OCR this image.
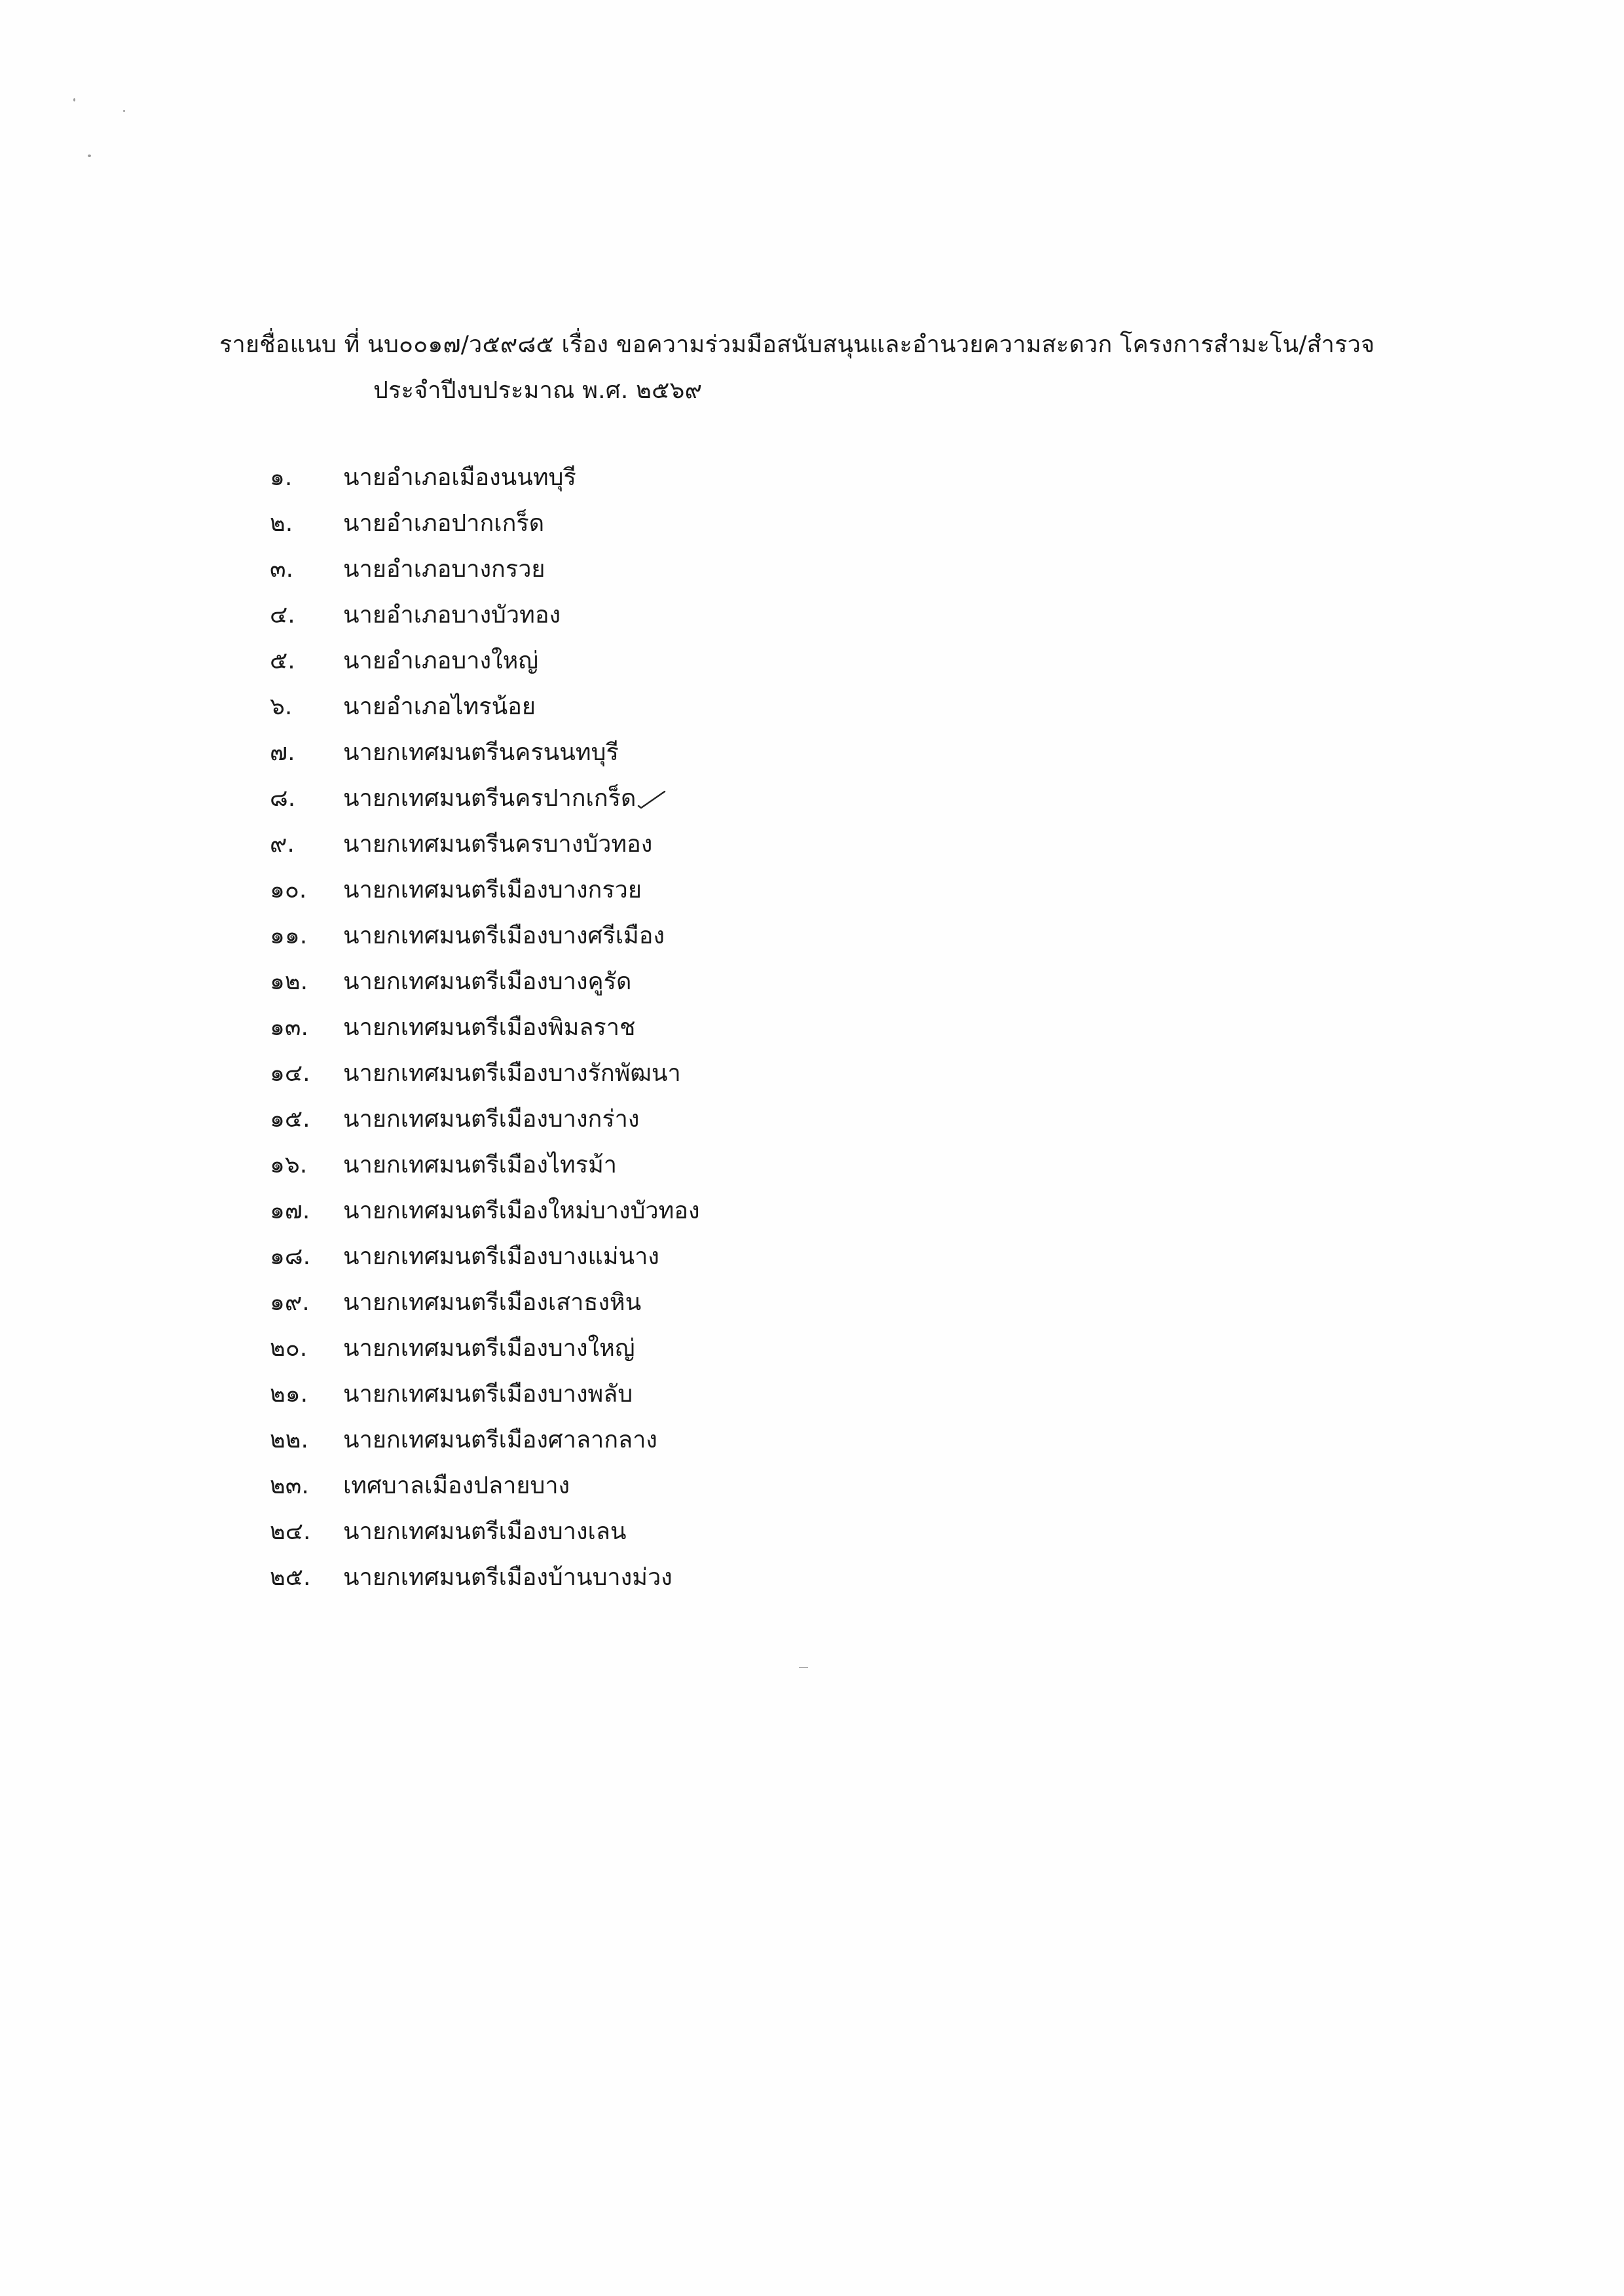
รายชื่อแนบ ที่ นบ๐๐๑๗/ว๕๙๘๕ เรื่อง ขอความร่วมมือสนับสนุนและอำนวยความสะดวก โครงการสำมะโน/สำรวจ
ประจำปีงบประมาณ พ.ศ. ๒๕๖๙
๑.	นายอำเภอเมืองนนทบุรี
๒.	นายอำเภอปากเกร็ด
๓.	นายอำเภอบางกรวย
๔.	นายอำเภอบางบัวทอง
๕.	นายอำเภอบางใหญ่
๖.	นายอำเภอไทรน้อย
๗.	นายกเทศมนตรีนครนนทบุรี
๘.	นายกเทศมนตรีนครปากเกร็ด
๙.	นายกเทศมนตรีนครบางบัวทอง
๑๐.	นายกเทศมนตรีเมืองบางกรวย
๑๑.	นายกเทศมนตรีเมืองบางศรีเมือง
๑๒.	นายกเทศมนตรีเมืองบางคูรัด
๑๓.	นายกเทศมนตรีเมืองพิมลราช
๑๔.	นายกเทศมนตรีเมืองบางรักพัฒนา
๑๕.	นายกเทศมนตรีเมืองบางกร่าง
๑๖.	นายกเทศมนตรีเมืองไทรม้า
๑๗.	นายกเทศมนตรีเมืองใหม่บางบัวทอง
๑๘.	นายกเทศมนตรีเมืองบางแม่นาง
๑๙.	นายกเทศมนตรีเมืองเสาธงหิน
๒๐.	นายกเทศมนตรีเมืองบางใหญ่
๒๑.	นายกเทศมนตรีเมืองบางพลับ
๒๒.	นายกเทศมนตรีเมืองศาลากลาง
๒๓.	เทศบาลเมืองปลายบาง
๒๔.	นายกเทศมนตรีเมืองบางเลน
๒๕.	นายกเทศมนตรีเมืองบ้านบางม่วง
